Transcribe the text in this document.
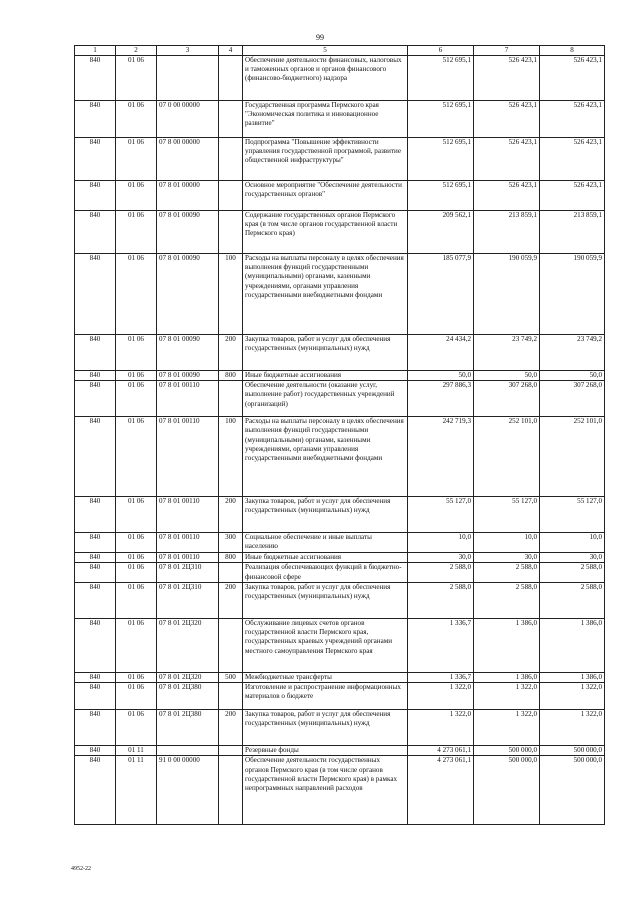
99
1	2	3	4	5	6	7	8
840	01 06			Обеспечение деятельности финансовых, налоговых и таможенных органов и органов финансового (финансово-бюджетного) надзора	512 695,1	526 423,1	526 423,1
840	01 06	07 0 00 00000		Государственная программа Пермского края "Экономическая политика и инновационное развитие"	512 695,1	526 423,1	526 423,1
840	01 06	07 8 00 00000		Подпрограмма "Повышение эффективности управления государственной программой, развитие общественной инфраструктуры"	512 695,1	526 423,1	526 423,1
840	01 06	07 8 01 00000		Основное мероприятие "Обеспечение деятельности государственных органов"	512 695,1	526 423,1	526 423,1
840	01 06	07 8 01 00090		Содержание государственных органов Пермского края (в том числе органов государственной власти Пермского края)	209 562,1	213 859,1	213 859,1
840	01 06	07 8 01 00090	100	Расходы на выплаты персоналу в целях обеспечения выполнения функций государственными (муниципальными) органами, казенными учреждениями, органами управления государственными внебюджетными фондами	185 077,9	190 059,9	190 059,9
840	01 06	07 8 01 00090	200	Закупка товаров, работ и услуг для обеспечения государственных (муниципальных) нужд	24 434,2	23 749,2	23 749,2
840	01 06	07 8 01 00090	800	Иные бюджетные ассигнования	50,0	50,0	50,0
840	01 06	07 8 01 00110		Обеспечение деятельности (оказание услуг, выполнение работ) государственных учреждений (организаций)	297 886,3	307 268,0	307 268,0
840	01 06	07 8 01 00110	100	Расходы на выплаты персоналу в целях обеспечения выполнения функций государственными (муниципальными) органами, казенными учреждениями, органами управления государственными внебюджетными фондами	242 719,3	252 101,0	252 101,0
840	01 06	07 8 01 00110	200	Закупка товаров, работ и услуг для обеспечения государственных (муниципальных) нужд	55 127,0	55 127,0	55 127,0
840	01 06	07 8 01 00110	300	Социальное обеспечение и иные выплаты населению	10,0	10,0	10,0
840	01 06	07 8 01 00110	800	Иные бюджетные ассигнования	30,0	30,0	30,0
840	01 06	07 8 01 2Ц310		Реализация обеспечивающих функций в бюджетно-финансовой сфере	2 588,0	2 588,0	2 588,0
840	01 06	07 8 01 2Ц310	200	Закупка товаров, работ и услуг для обеспечения государственных (муниципальных) нужд	2 588,0	2 588,0	2 588,0
840	01 06	07 8 01 2Ц320		Обслуживание лицевых счетов органов государственной власти Пермского края, государственных краевых учреждений органами местного самоуправления Пермского края	1 336,7	1 386,0	1 386,0
840	01 06	07 8 01 2Ц320	500	Межбюджетные трансферты	1 336,7	1 386,0	1 386,0
840	01 06	07 8 01 2Ц380		Изготовление и распространение информационных материалов о бюджете	1 322,0	1 322,0	1 322,0
840	01 06	07 8 01 2Ц380	200	Закупка товаров, работ и услуг для обеспечения государственных (муниципальных) нужд	1 322,0	1 322,0	1 322,0
840	01 11			Резервные фонды	4 273 061,1	500 000,0	500 000,0
840	01 11	91 0 00 00000		Обеспечение деятельности государственных органов Пермского края (в том числе органов государственной власти Пермского края) в рамках непрограммных направлений расходов	4 273 061,1	500 000,0	500 000,0
4952-22
